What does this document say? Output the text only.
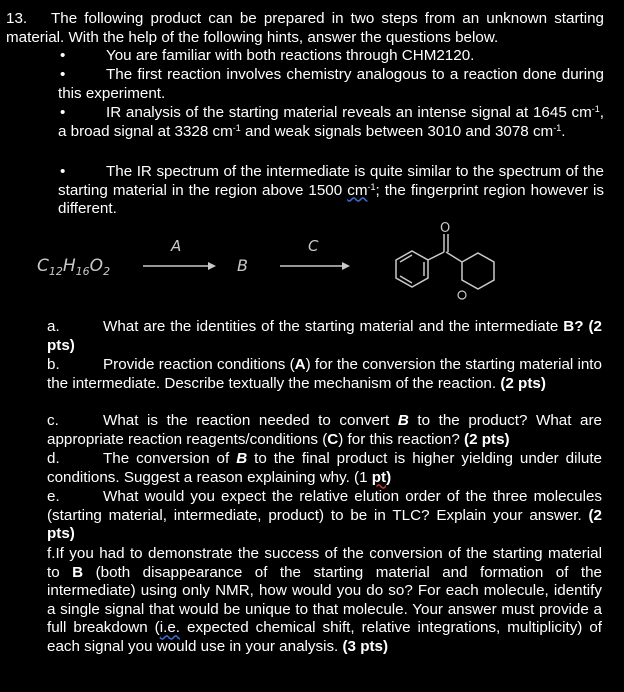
13. The following product can be prepared in two steps from an unknown starting material. With the help of the following hints, answer the questions below.
•	You are familiar with both reactions through CHM2120.
•	The first reaction involves chemistry analogous to a reaction done during this experiment.
•	IR analysis of the starting material reveals an intense signal at 1645 $cm^{-1}$, a broad signal at 3328 $cm^{-1}$ and weak signals between 3010 and 3078 $cm^{-1}$.
•	The IR spectrum of the intermediate is quite similar to the spectrum of the starting material in the region above 1500 $cm^{-1}$; the fingerprint region however is different.
$C_{12}H_{16}O_2$
A
B
C
O
a.	What are the identities of the starting material and the intermediate B? (2 pts)
b.	Provide reaction conditions (A) for the conversion the starting material into the intermediate. Describe textually the mechanism of the reaction. (2 pts)
c.	What is the reaction needed to convert B to the product? What are appropriate reaction reagents/conditions (C) for this reaction? (2 pts)
d.	The conversion of B to the final product is higher yielding under dilute conditions. Suggest a reason explaining why. (1 pt)
e.	What would you expect the relative elution order of the three molecules (starting material, intermediate, product) to be in TLC? Explain your answer. (2 pts)
f.If you had to demonstrate the success of the conversion of the starting material to B (both disappearance of the starting material and formation of the intermediate) using only NMR, how would you do so? For each molecule, identify a single signal that would be unique to that molecule. Your answer must provide a full breakdown (i.e. expected chemical shift, relative integrations, multiplicity) of each signal you would use in your analysis. (3 pts)
